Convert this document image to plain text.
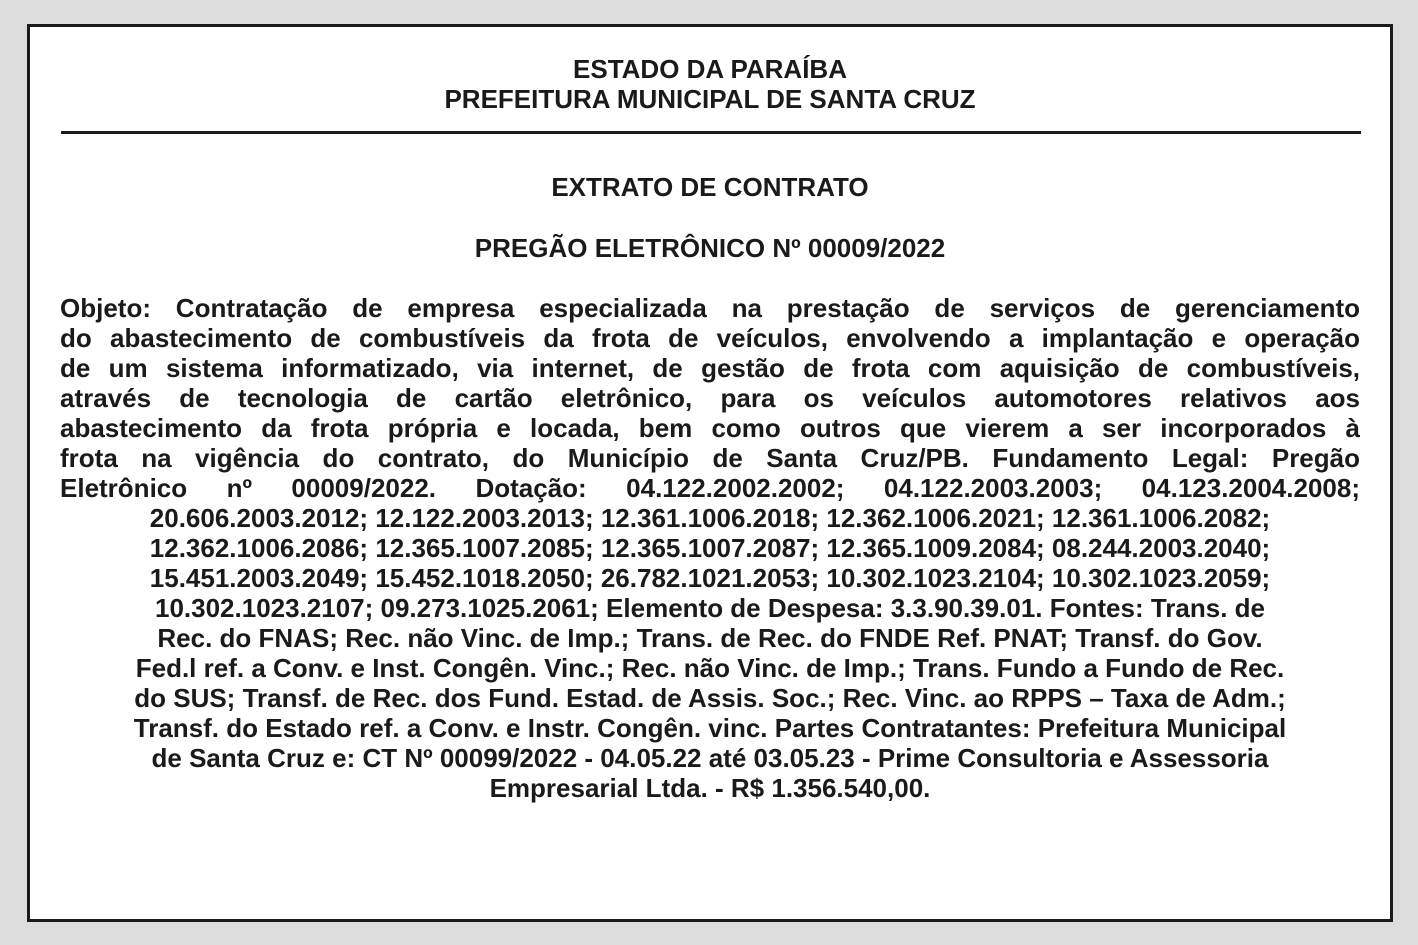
ESTADO DA PARAÍBA
PREFEITURA MUNICIPAL DE SANTA CRUZ
EXTRATO DE CONTRATO
PREGÃO ELETRÔNICO Nº 00009/2022
Objeto: Contratação de empresa especializada na prestação de serviços de gerenciamento
do abastecimento de combustíveis da frota de veículos, envolvendo a implantação e operação
de um sistema informatizado, via internet, de gestão de frota com aquisição de combustíveis,
através de tecnologia de cartão eletrônico, para os veículos automotores relativos aos
abastecimento da frota própria e locada, bem como outros que vierem a ser incorporados à
frota na vigência do contrato, do Município de Santa Cruz/PB. Fundamento Legal: Pregão
Eletrônico nº 00009/2022. Dotação: 04.122.2002.2002; 04.122.2003.2003; 04.123.2004.2008;
20.606.2003.2012; 12.122.2003.2013; 12.361.1006.2018; 12.362.1006.2021; 12.361.1006.2082;
12.362.1006.2086; 12.365.1007.2085; 12.365.1007.2087; 12.365.1009.2084; 08.244.2003.2040;
15.451.2003.2049; 15.452.1018.2050; 26.782.1021.2053; 10.302.1023.2104; 10.302.1023.2059;
10.302.1023.2107; 09.273.1025.2061; Elemento de Despesa: 3.3.90.39.01. Fontes: Trans. de
Rec. do FNAS; Rec. não Vinc. de Imp.; Trans. de Rec. do FNDE Ref. PNAT; Transf. do Gov.
Fed.l ref. a Conv. e Inst. Congên. Vinc.; Rec. não Vinc. de Imp.; Trans. Fundo a Fundo de Rec.
do SUS; Transf. de Rec. dos Fund. Estad. de Assis. Soc.; Rec. Vinc. ao RPPS – Taxa de Adm.;
Transf. do Estado ref. a Conv. e Instr. Congên. vinc. Partes Contratantes: Prefeitura Municipal
de Santa Cruz e: CT Nº 00099/2022 - 04.05.22 até 03.05.23 - Prime Consultoria e Assessoria
Empresarial Ltda. - R$ 1.356.540,00.
